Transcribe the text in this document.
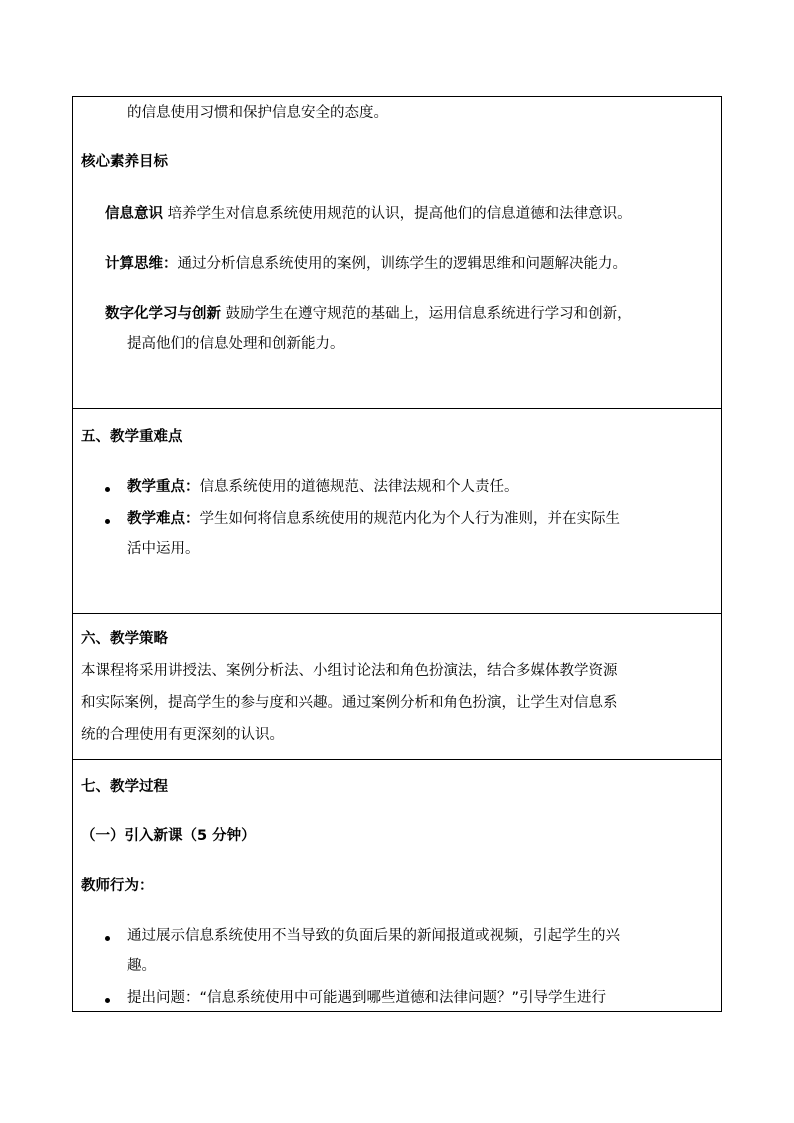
的信息使用习惯和保护信息安全的态度。
核心素养目标
信息意识 培养学生对信息系统使用规范的认识，提高他们的信息道德和法律意识。
计算思维：通过分析信息系统使用的案例，训练学生的逻辑思维和问题解决能力。
数字化学习与创新 鼓励学生在遵守规范的基础上，运用信息系统进行学习和创新，
提高他们的信息处理和创新能力。
五、教学重难点
教学重点：信息系统使用的道德规范、法律法规和个人责任。
教学难点：学生如何将信息系统使用的规范内化为个人行为准则，并在实际生
活中运用。
六、教学策略
本课程将采用讲授法、案例分析法、小组讨论法和角色扮演法，结合多媒体教学资源
和实际案例，提高学生的参与度和兴趣。通过案例分析和角色扮演，让学生对信息系
统的合理使用有更深刻的认识。
七、教学过程
（一）引入新课（5 分钟）
教师行为：
通过展示信息系统使用不当导致的负面后果的新闻报道或视频，引起学生的兴
趣。
提出问题：“信息系统使用中可能遇到哪些道德和法律问题？”引导学生进行
